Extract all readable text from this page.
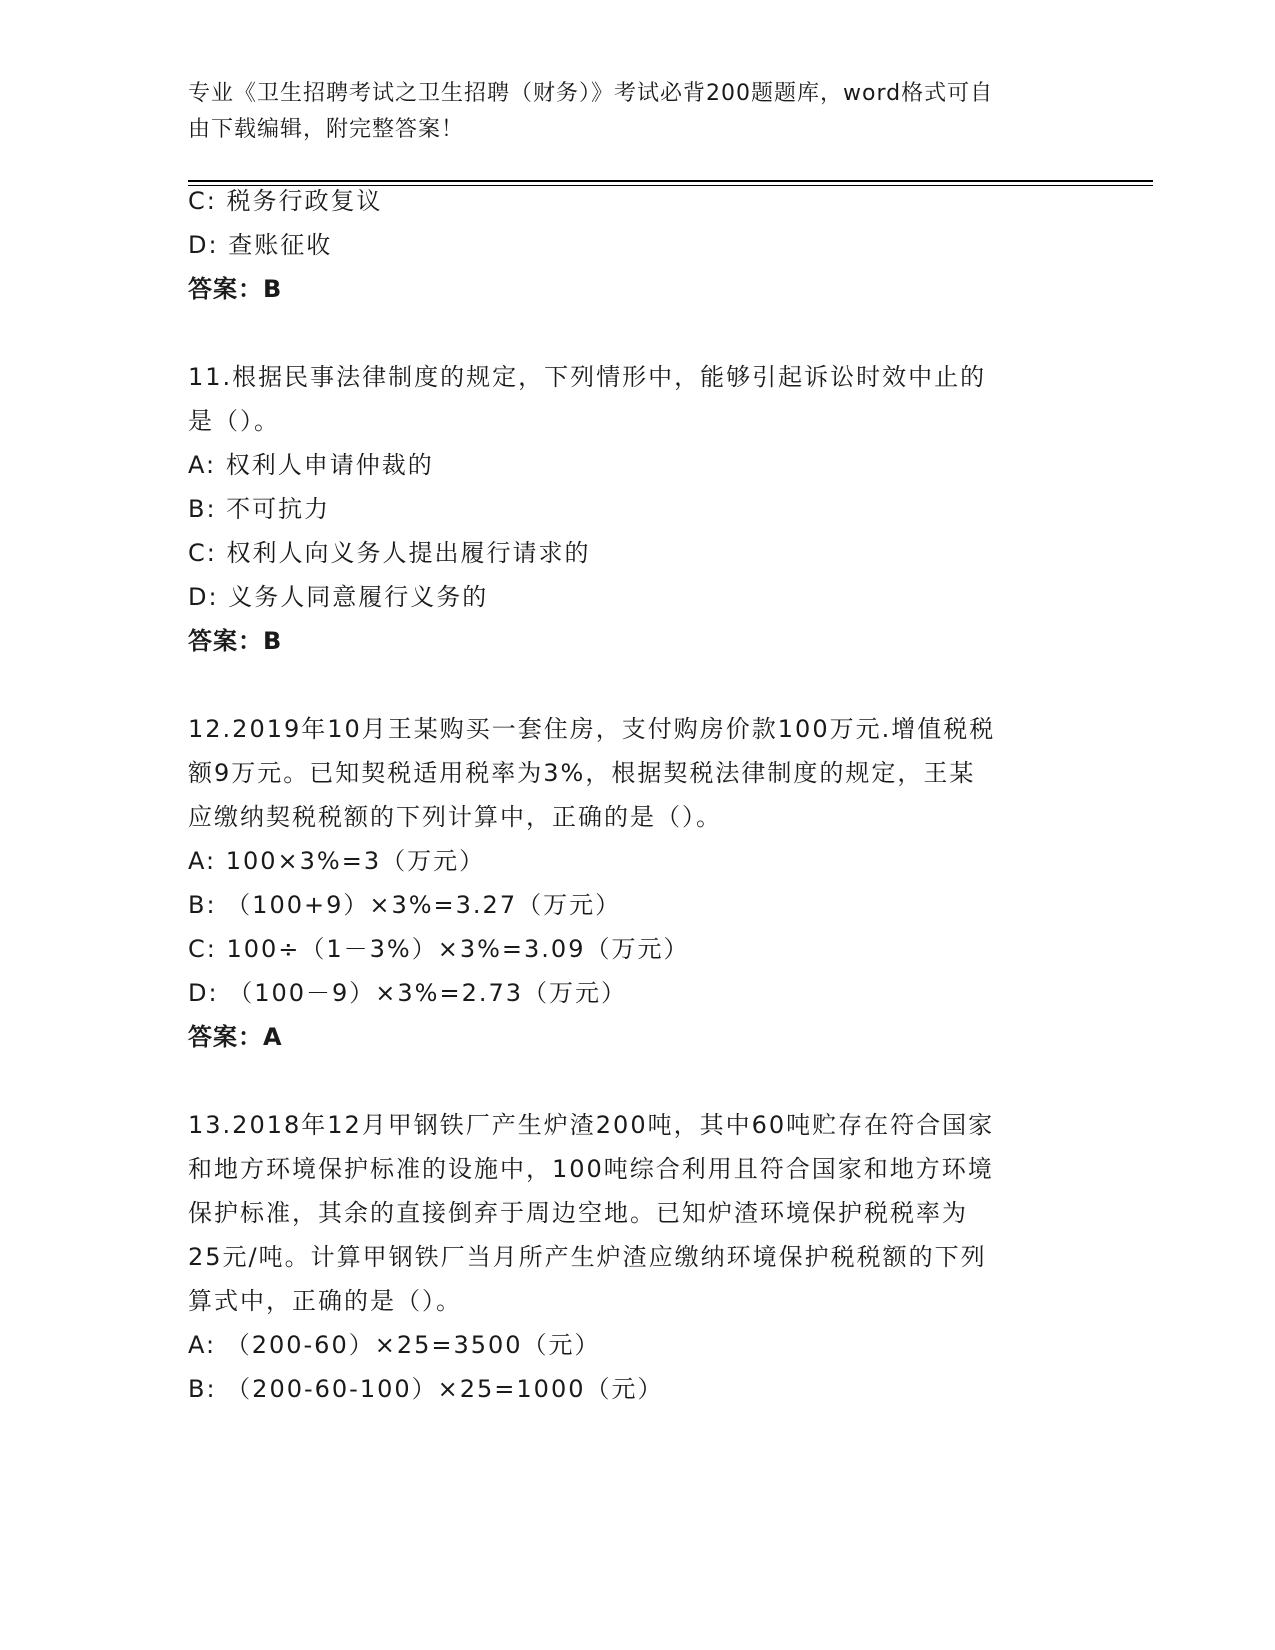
专业《卫生招聘考试之卫生招聘（财务）》考试必背200题题库，word格式可自
由下载编辑，附完整答案！
C: 税务行政复议
D: 查账征收
答案：B
11.根据民事法律制度的规定，下列情形中，能够引起诉讼时效中止的
是（）。
A: 权利人申请仲裁的
B: 不可抗力
C: 权利人向义务人提出履行请求的
D: 义务人同意履行义务的
答案：B
12.2019年10月王某购买一套住房，支付购房价款100万元.增值税税
额9万元。已知契税适用税率为3%，根据契税法律制度的规定，王某
应缴纳契税税额的下列计算中，正确的是（）。
A: 100×3%=3（万元）
B: （100+9）×3%=3.27（万元）
C: 100÷（1－3%）×3%=3.09（万元）
D: （100－9）×3%=2.73（万元）
答案：A
13.2018年12月甲钢铁厂产生炉渣200吨，其中60吨贮存在符合国家
和地方环境保护标准的设施中，100吨综合利用且符合国家和地方环境
保护标准，其余的直接倒弃于周边空地。已知炉渣环境保护税税率为
25元/吨。计算甲钢铁厂当月所产生炉渣应缴纳环境保护税税额的下列
算式中，正确的是（）。
A: （200-60）×25=3500（元）
B: （200-60-100）×25=1000（元）
